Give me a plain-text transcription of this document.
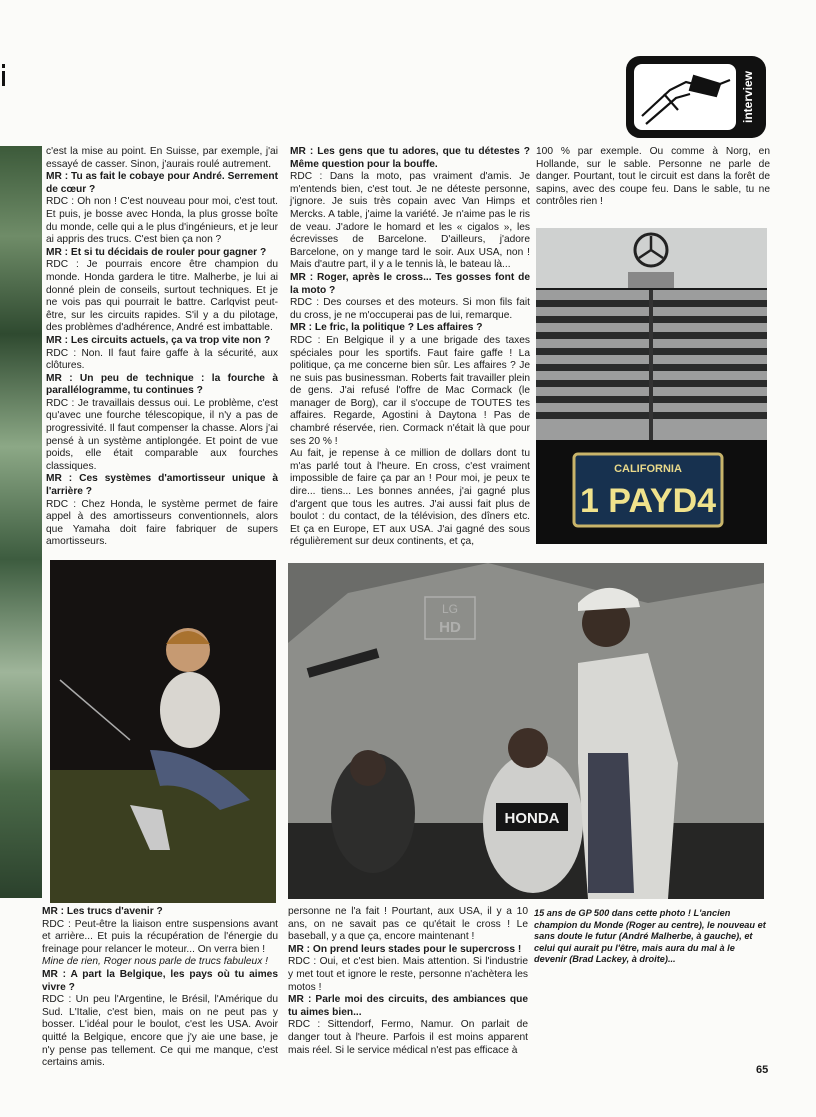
interview

c'est la mise au point. En Suisse, par exemple, j'ai essayé de casser. Sinon, j'aurais roulé autrement.

MR : Tu as fait le cobaye pour André. Serrement de cœur ?

RDC : Oh non ! C'est nouveau pour moi, c'est tout. Et puis, je bosse avec Honda, la plus grosse boîte du monde, celle qui a le plus d'ingénieurs, et je leur ai appris des trucs. C'est bien ça non ?

MR : Et si tu décidais de rouler pour gagner ?

RDC : Je pourrais encore être champion du monde. Honda gardera le titre. Malherbe, je lui ai donné plein de conseils, surtout techniques. Et je ne vois pas qui pourrait le battre. Carlqvist peut-être, sur les circuits rapides. S'il y a du pilotage, des problèmes d'adhérence, André est imbattable.

MR : Les circuits actuels, ça va trop vite non ?

RDC : Non. Il faut faire gaffe à la sécurité, aux clôtures.

MR : Un peu de technique : la fourche à parallélogramme, tu continues ?

RDC : Je travaillais dessus oui. Le problème, c'est qu'avec une fourche télescopique, il n'y a pas de progressivité. Il faut compenser la chasse. Alors j'ai pensé à un système antiplongée. Et point de vue poids, elle était comparable aux fourches classiques.

MR : Ces systèmes d'amortisseur unique à l'arrière ?

RDC : Chez Honda, le système permet de faire appel à des amortisseurs conventionnels, alors que Yamaha doit faire fabriquer de supers amortisseurs.

MR : Les gens que tu adores, que tu détestes ? Même question pour la bouffe.

RDC : Dans la moto, pas vraiment d'amis. Je m'entends bien, c'est tout. Je ne déteste personne, j'ignore. Je suis très copain avec Van Himps et Mercks. A table, j'aime la variété. Je n'aime pas le ris de veau. J'adore le homard et les « cigalos », les écrevisses de Barcelone. D'ailleurs, j'adore Barcelone, on y mange tard le soir. Aux USA, non ! Mais d'autre part, il y a le tennis là, le bateau là...

MR : Roger, après le cross... Tes gosses font de la moto ?

RDC : Des courses et des moteurs. Si mon fils fait du cross, je ne m'occuperai pas de lui, remarque.

MR : Le fric, la politique ? Les affaires ?

RDC : En Belgique il y a une brigade des taxes spéciales pour les sportifs. Faut faire gaffe ! La politique, ça me concerne bien sûr. Les affaires ? Je ne suis pas businessman. Roberts fait travailler plein de gens. J'ai refusé l'offre de Mac Cormack (le manager de Borg), car il s'occupe de TOUTES tes affaires. Regarde, Agostini à Daytona ! Pas de chambré réservée, rien. Cormack n'était là que pour ses 20 % !

Au fait, je repense à ce million de dollars dont tu m'as parlé tout à l'heure. En cross, c'est vraiment impossible de faire ça par an ! Pour moi, je peux te dire... tiens... Les bonnes années, j'ai gagné plus d'argent que tous les autres. J'ai aussi fait plus de boulot : du contact, de la télévision, des dîners etc. Et ça en Europe, ET aux USA. J'ai gagné des sous régulièrement sur deux continents, et ça,

100 % par exemple. Ou comme à Norg, en Hollande, sur le sable. Personne ne parle de danger. Pourtant, tout le circuit est dans la forêt de sapins, avec des coupe feu. Dans le sable, tu ne contrôles rien !

CALIFORNIA
1 PAYD4
HONDA
LG
HD

MR : Les trucs d'avenir ?

RDC : Peut-être la liaison entre suspensions avant et arrière... Et puis la récupération de l'énergie du freinage pour relancer le moteur... On verra bien !

Mine de rien, Roger nous parle de trucs fabuleux !

MR : A part la Belgique, les pays où tu aimes vivre ?

RDC : Un peu l'Argentine, le Brésil, l'Amérique du Sud. L'Italie, c'est bien, mais on ne peut pas y bosser. L'idéal pour le boulot, c'est les USA. Avoir quitté la Belgique, encore que j'y aie une base, je n'y pense pas tellement. Ce qui me manque, c'est certains amis.

personne ne l'a fait ! Pourtant, aux USA, il y a 10 ans, on ne savait pas ce qu'était le cross ! Le baseball, y a que ça, encore maintenant !

MR : On prend leurs stades pour le supercross !

RDC : Oui, et c'est bien. Mais attention. Si l'industrie y met tout et ignore le reste, personne n'achètera les motos !

MR : Parle moi des circuits, des ambiances que tu aimes bien...

RDC : Sittendorf, Fermo, Namur. On parlait de danger tout à l'heure. Parfois il est moins apparent mais réel. Si le service médical n'est pas efficace à

15 ans de GP 500 dans cette photo ! L'ancien champion du Monde (Roger au centre), le nouveau et sans doute le futur (André Malherbe, à gauche), et celui qui aurait pu l'être, mais aura du mal à le devenir (Brad Lackey, à droite)...
65
